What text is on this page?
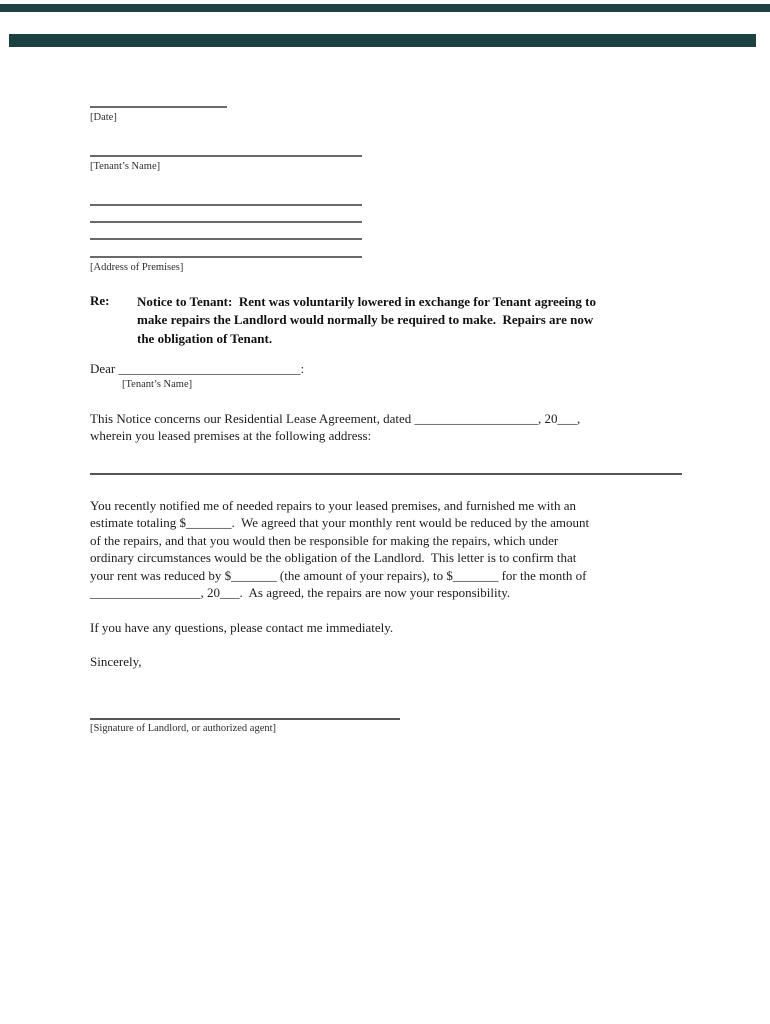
[Date]
[Tenant’s Name]
[Address of Premises]
Re:	Notice to Tenant:  Rent was voluntarily lowered in exchange for Tenant agreeing to
make repairs the Landlord would normally be required to make.  Repairs are now
the obligation of Tenant.
Dear ____________________________:
[Tenant’s Name]
This Notice concerns our Residential Lease Agreement, dated ___________________, 20___,
wherein you leased premises at the following address:
You recently notified me of needed repairs to your leased premises, and furnished me with an
estimate totaling $_______.  We agreed that your monthly rent would be reduced by the amount
of the repairs, and that you would then be responsible for making the repairs, which under
ordinary circumstances would be the obligation of the Landlord.  This letter is to confirm that
your rent was reduced by $_______ (the amount of your repairs), to $_______ for the month of
_________________, 20___.  As agreed, the repairs are now your responsibility.
If you have any questions, please contact me immediately.
Sincerely,
[Signature of Landlord, or authorized agent]
